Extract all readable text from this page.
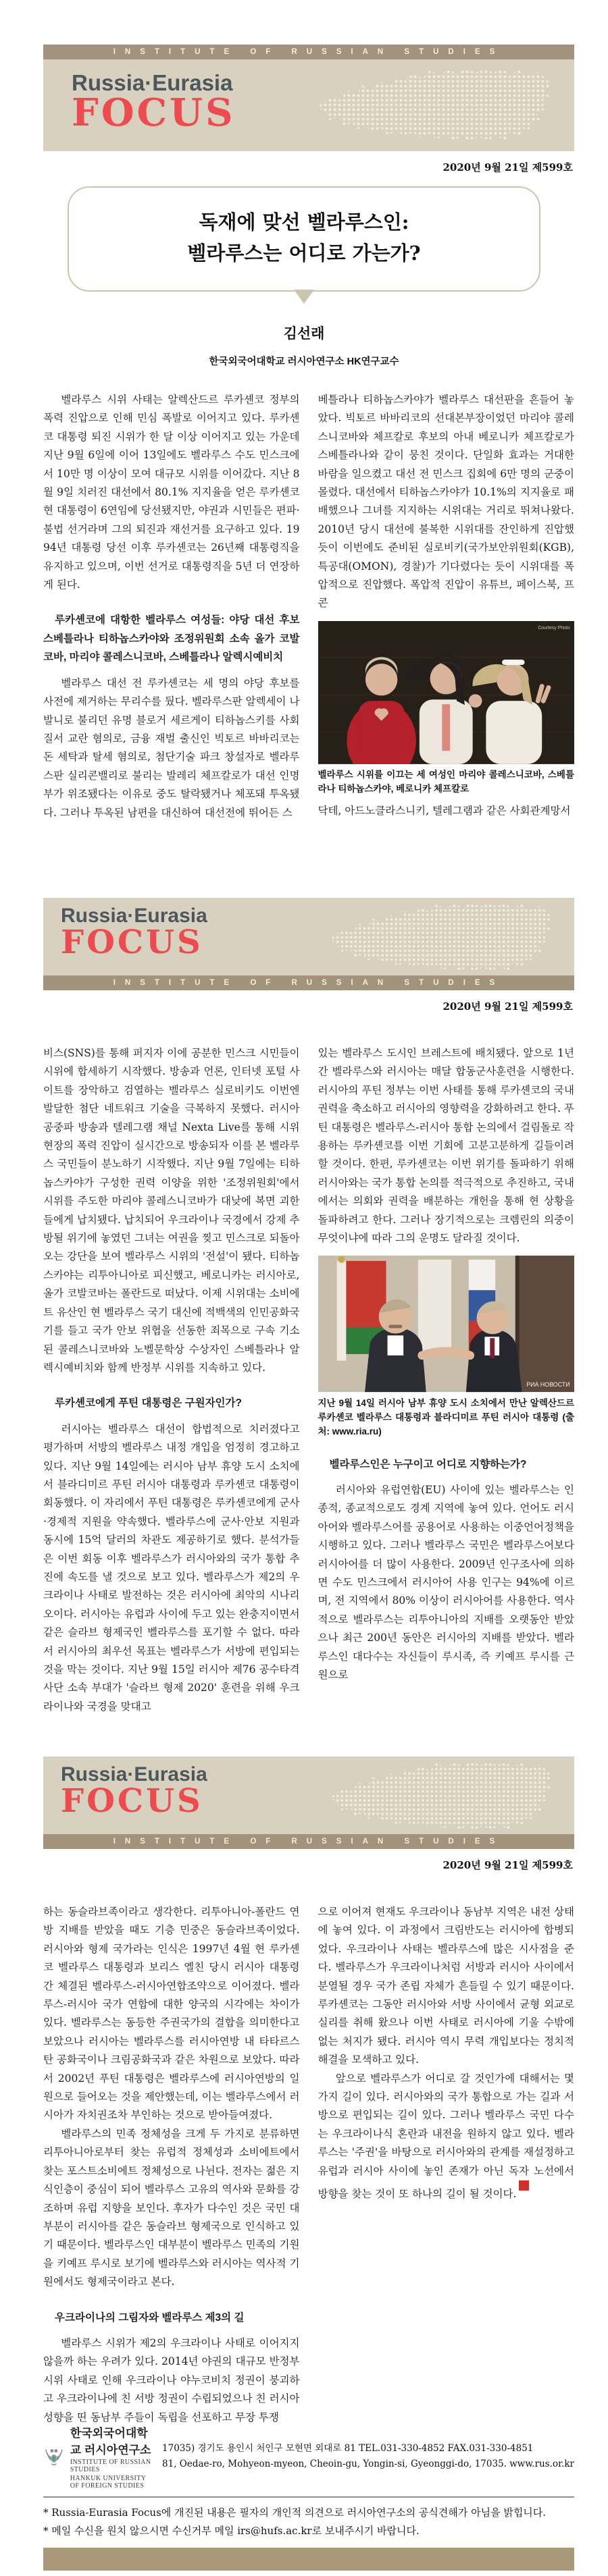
INSTITUTE OF RUSSIAN STUDIES
Russia·Eurasia
FOCUS
2020년 9월 21일 제599호
독재에 맞선 벨라루스인:
벨라루스는 어디로 가는가?
김선래
한국외국어대학교 러시아연구소 HK연구교수
벨라루스 시위 사태는 알렉산드르 루카셴코 정부의 폭력 진압으로 인해 민심 폭발로 이어지고 있다. 루카셴코 대통령 퇴진 시위가 한 달 이상 이어지고 있는 가운데 지난 9월 6일에 이어 13일에도 벨라루스 수도 민스크에서 10만 명 이상이 모여 대규모 시위를 이어갔다. 지난 8월 9일 치러진 대선에서 80.1% 지지율을 얻은 루카셴코 현 대통령이 6연임에 당선됐지만, 야권과 시민들은 편파·불법 선거라며 그의 퇴진과 재선거를 요구하고 있다. 1994년 대통령 당선 이후 루카셴코는 26년째 대통령직을 유지하고 있으며, 이번 선거로 대통령직을 5년 더 연장하게 된다.
루카셴코에 대항한 벨라루스 여성들: 야당 대선 후보 스베틀라나 티하놉스카야와 조정위원회 소속 올가 코발코바, 마리야 콜레스니코바, 스베틀라나 알렉시예비치
벨라루스 대선 전 루카셴코는 세 명의 야당 후보를 사전에 제거하는 무리수를 뒀다. 벨라루스판 알렉세이 나발니로 불리던 유명 블로거 세르게이 티하놉스키를 사회질서 교란 혐의로, 금융 재벌 출신인 빅토르 바바리코는 돈 세탁과 탈세 혐의로, 첨단기술 파크 창설자로 벨라루스판 실리콘밸리로 불리는 발레리 체프칼로가 대선 인명부가 위조됐다는 이유로 중도 탈락됐거나 체포돼 투옥됐다. 그러나 투옥된 남편을 대신하여 대선전에 뛰어든 스
베틀라나 티하놉스카야가 벨라루스 대선판을 흔들어 놓았다. 빅토르 바바리코의 선대본부장이었던 마리야 콜레스니코바와 체프칼로 후보의 아내 베로니카 체프칼로가 스베틀라나와 같이 뭉친 것이다. 단일화 효과는 거대한 바람을 일으켰고 대선 전 민스크 집회에 6만 명의 군중이 몰렸다. 대선에서 티하놉스카야가 10.1%의 지지율로 패배했으나 그녀를 지지하는 시위대는 거리로 뛰쳐나왔다. 2010년 당시 대선에 불복한 시위대를 잔인하게 진압했듯이 이번에도 준비된 실로비키(국가보안위원회(KGB), 특공대(OMON), 경찰)가 기다렸다는 듯이 시위대를 폭압적으로 진압했다. 폭압적 진압이 유튜브, 페이스북, 프콘
Courtesy Photo
벨라루스 시위를 이끄는 세 여성인 마리야 콜레스니코바, 스베틀라나 티하놉스카야, 베로니카 체프칼로
닥테, 아드노클라스니키, 텔레그램과 같은 사회관계망서
Russia·Eurasia
FOCUS
INSTITUTE OF RUSSIAN STUDIES
2020년 9월 21일 제599호
비스(SNS)를 통해 퍼지자 이에 공분한 민스크 시민들이 시위에 합세하기 시작했다. 방송과 언론, 인터넷 포털 사이트를 장악하고 검열하는 벨라루스 실로비키도 이번엔 발달한 첨단 네트워크 기술을 극복하지 못했다. 러시아 공중파 방송과 텔레그램 채널 Nexta Live를 통해 시위 현장의 폭력 진압이 실시간으로 방송되자 이를 본 벨라루스 국민들이 분노하기 시작했다. 지난 9월 7일에는 티하놉스카야가 구성한 권력 이양을 위한 '조정위원회'에서 시위를 주도한 마리야 콜레스니코바가 대낮에 복면 괴한들에게 납치됐다. 납치되어 우크라이나 국경에서 강제 추방될 위기에 놓였던 그녀는 여권을 찢고 민스크로 되돌아오는 강단을 보여 벨라루스 시위의 '전설'이 됐다. 티하놉스카야는 리투아니아로 피신했고, 베로니카는 러시아로, 올가 코발코바는 폴란드로 떠났다. 이제 시위대는 소비에트 유산인 현 벨라루스 국기 대신에 적백색의 인민공화국 기를 들고 국가 안보 위협을 선동한 죄목으로 구속 기소된 콜레스니코바와 노벨문학상 수상자인 스베틀라나 알렉시예비치와 함께 반정부 시위를 지속하고 있다.
루카셴코에게 푸틴 대통령은 구원자인가?
러시아는 벨라루스 대선이 합법적으로 치러졌다고 평가하며 서방의 벨라루스 내정 개입을 엄정히 경고하고 있다. 지난 9월 14일에는 러시아 남부 휴양 도시 소치에서 블라디미르 푸틴 러시아 대통령과 루카셴코 대통령이 회동했다. 이 자리에서 푸틴 대통령은 루카셴코에게 군사·경제적 지원을 약속했다. 벨라루스에 군사·안보 지원과 동시에 15억 달러의 차관도 제공하기로 했다. 분석가들은 이번 회동 이후 벨라루스가 러시아와의 국가 통합 추진에 속도를 낼 것으로 보고 있다. 벨라루스가 제2의 우크라이나 사태로 발전하는 것은 러시아에 최악의 시나리오이다. 러시아는 유럽과 사이에 두고 있는 완충지이면서 같은 슬라브 형제국인 벨라루스를 포기할 수 없다. 따라서 러시아의 최우선 목표는 벨라루스가 서방에 편입되는 것을 막는 것이다. 지난 9월 15일 러시아 제76 공수타격사단 소속 부대가 '슬라브 형제 2020' 훈련을 위해 우크라이나와 국경을 맞대고
있는 벨라루스 도시인 브레스트에 배치됐다. 앞으로 1년간 벨라루스와 러시아는 매달 합동군사훈련을 시행한다. 러시아의 푸틴 정부는 이번 사태를 통해 루카셴코의 국내 권력을 축소하고 러시아의 영향력을 강화하려고 한다. 푸틴 대통령은 벨라루스-러시아 통합 논의에서 걸림돌로 작용하는 루카셴코를 이번 기회에 고분고분하게 길들이려 할 것이다. 한편, 루카셴코는 이번 위기를 돌파하기 위해 러시아와는 국가 통합 논의를 적극적으로 추진하고, 국내에서는 의회와 권력을 배분하는 개헌을 통해 현 상황을 돌파하려고 한다. 그러나 장기적으로는 크렘린의 의중이 무엇이냐에 따라 그의 운명도 달라질 것이다.
РИА НОВОСТИ
지난 9월 14일 러시아 남부 휴양 도시 소치에서 만난 알렉산드르 루카셴코 벨라루스 대통령과 블라디미르 푸틴 러시아 대통령 (출처: www.ria.ru)
벨라루스인은 누구이고 어디로 지향하는가?
러시아와 유럽연합(EU) 사이에 있는 벨라루스는 인종적, 종교적으로도 경계 지역에 놓여 있다. 언어도 러시아어와 벨라루스어를 공용어로 사용하는 이중언어정책을 시행하고 있다. 그러나 벨라루스 국민은 벨라루스어보다 러시아어를 더 많이 사용한다. 2009년 인구조사에 의하면 수도 민스크에서 러시아어 사용 인구는 94%에 이르며, 전 지역에서 80% 이상이 러시아어를 사용한다. 역사적으로 벨라루스는 리투아니아의 지배를 오랫동안 받았으나 최근 200년 동안은 러시아의 지배를 받았다. 벨라루스인 대다수는 자신들이 루시족, 즉 키예프 루시를 근원으로
Russia·Eurasia
FOCUS
INSTITUTE OF RUSSIAN STUDIES
2020년 9월 21일 제599호
하는 동슬라브족이라고 생각한다. 리투아니아-폴란드 연방 지배를 받았을 때도 기층 민중은 동슬라브족이었다. 러시아와 형제 국가라는 인식은 1997년 4월 현 루카셴코 벨라루스 대통령과 보리스 옐친 당시 러시아 대통령 간 체결된 벨라루스-러시아연합조약으로 이어졌다. 벨라루스-러시아 국가 연합에 대한 양국의 시각에는 차이가 있다. 벨라루스는 동등한 주권국가의 결합을 의미한다고 보았으나 러시아는 벨라루스를 러시아연방 내 타타르스탄 공화국이나 크림공화국과 같은 차원으로 보았다. 따라서 2002년 푸틴 대통령은 벨라루스에 러시아연방의 일원으로 들어오는 것을 제안했는데, 이는 벨라루스에서 러시아가 자치권조차 부인하는 것으로 받아들여졌다.
벨라루스의 민족 정체성을 크게 두 가지로 분류하면 리투아니아로부터 찾는 유럽적 정체성과 소비에트에서 찾는 포스트소비에트 정체성으로 나뉜다. 전자는 젊은 지식인층이 중심이 되어 벨라루스 고유의 역사와 문화를 강조하며 유럽 지향을 보인다. 후자가 다수인 것은 국민 대부분이 러시아를 같은 동슬라브 형제국으로 인식하고 있기 때문이다. 벨라루스인 대부분이 벨라루스 민족의 기원을 키예프 루시로 보기에 벨라루스와 러시아는 역사적 기원에서도 형제국이라고 본다.
우크라이나의 그림자와 벨라루스 제3의 길
벨라루스 시위가 제2의 우크라이나 사태로 이어지지 않을까 하는 우려가 있다. 2014년 야권의 대규모 반정부 시위 사태로 인해 우크라이나 야누코비치 정권이 붕괴하고 우크라이나에 친 서방 정권이 수립되었으나 친 러시아 성향을 띤 동남부 주들이 독립을 선포하고 무장 투쟁
으로 이어져 현재도 우크라이나 동남부 지역은 내전 상태에 놓여 있다. 이 과정에서 크림반도는 러시아에 합병되었다. 우크라이나 사태는 벨라루스에 많은 시사점을 준다. 벨라루스가 우크라이나처럼 서방과 러시아 사이에서 분열될 경우 국가 존립 자체가 흔들릴 수 있기 때문이다. 루카셴코는 그동안 러시아와 서방 사이에서 균형 외교로 실리를 취해 왔으나 이번 사태로 러시아에 기울 수밖에 없는 처지가 됐다. 러시아 역시 무력 개입보다는 정치적 해결을 모색하고 있다.
앞으로 벨라루스가 어디로 갈 것인가에 대해서는 몇 가지 길이 있다. 러시아와의 국가 통합으로 가는 길과 서방으로 편입되는 길이 있다. 그러나 벨라루스 국민 다수는 우크라이나식 혼란과 내전을 원하지 않고 있다. 벨라루스는 '주권'을 바탕으로 러시아와의 관계를 재설정하고 유럽과 러시아 사이에 놓인 존재가 아닌 독자 노선에서 방향을 찾는 것이 또 하나의 길이 될 것이다.RS
한국외국어대학교 러시아연구소
INSTITUTE OF RUSSIAN STUDIES
HANKUK UNIVERSITY OF FOREIGN STUDIES
17035) 경기도 용인시 처인구 모현면 외대로 81 TEL.031-330-4852 FAX.031-330-4851
81, Oedae-ro, Mohyeon-myeon, Cheoin-gu, Yongin-si, Gyeonggi-do, 17035. www.rus.or.kr
* Russia-Eurasia Focus에 개진된 내용은 필자의 개인적 의견으로 러시아연구소의 공식견해가 아님을 밝힙니다.
* 메일 수신을 원치 않으시면 수신거부 메일 irs@hufs.ac.kr로 보내주시기 바랍니다.
